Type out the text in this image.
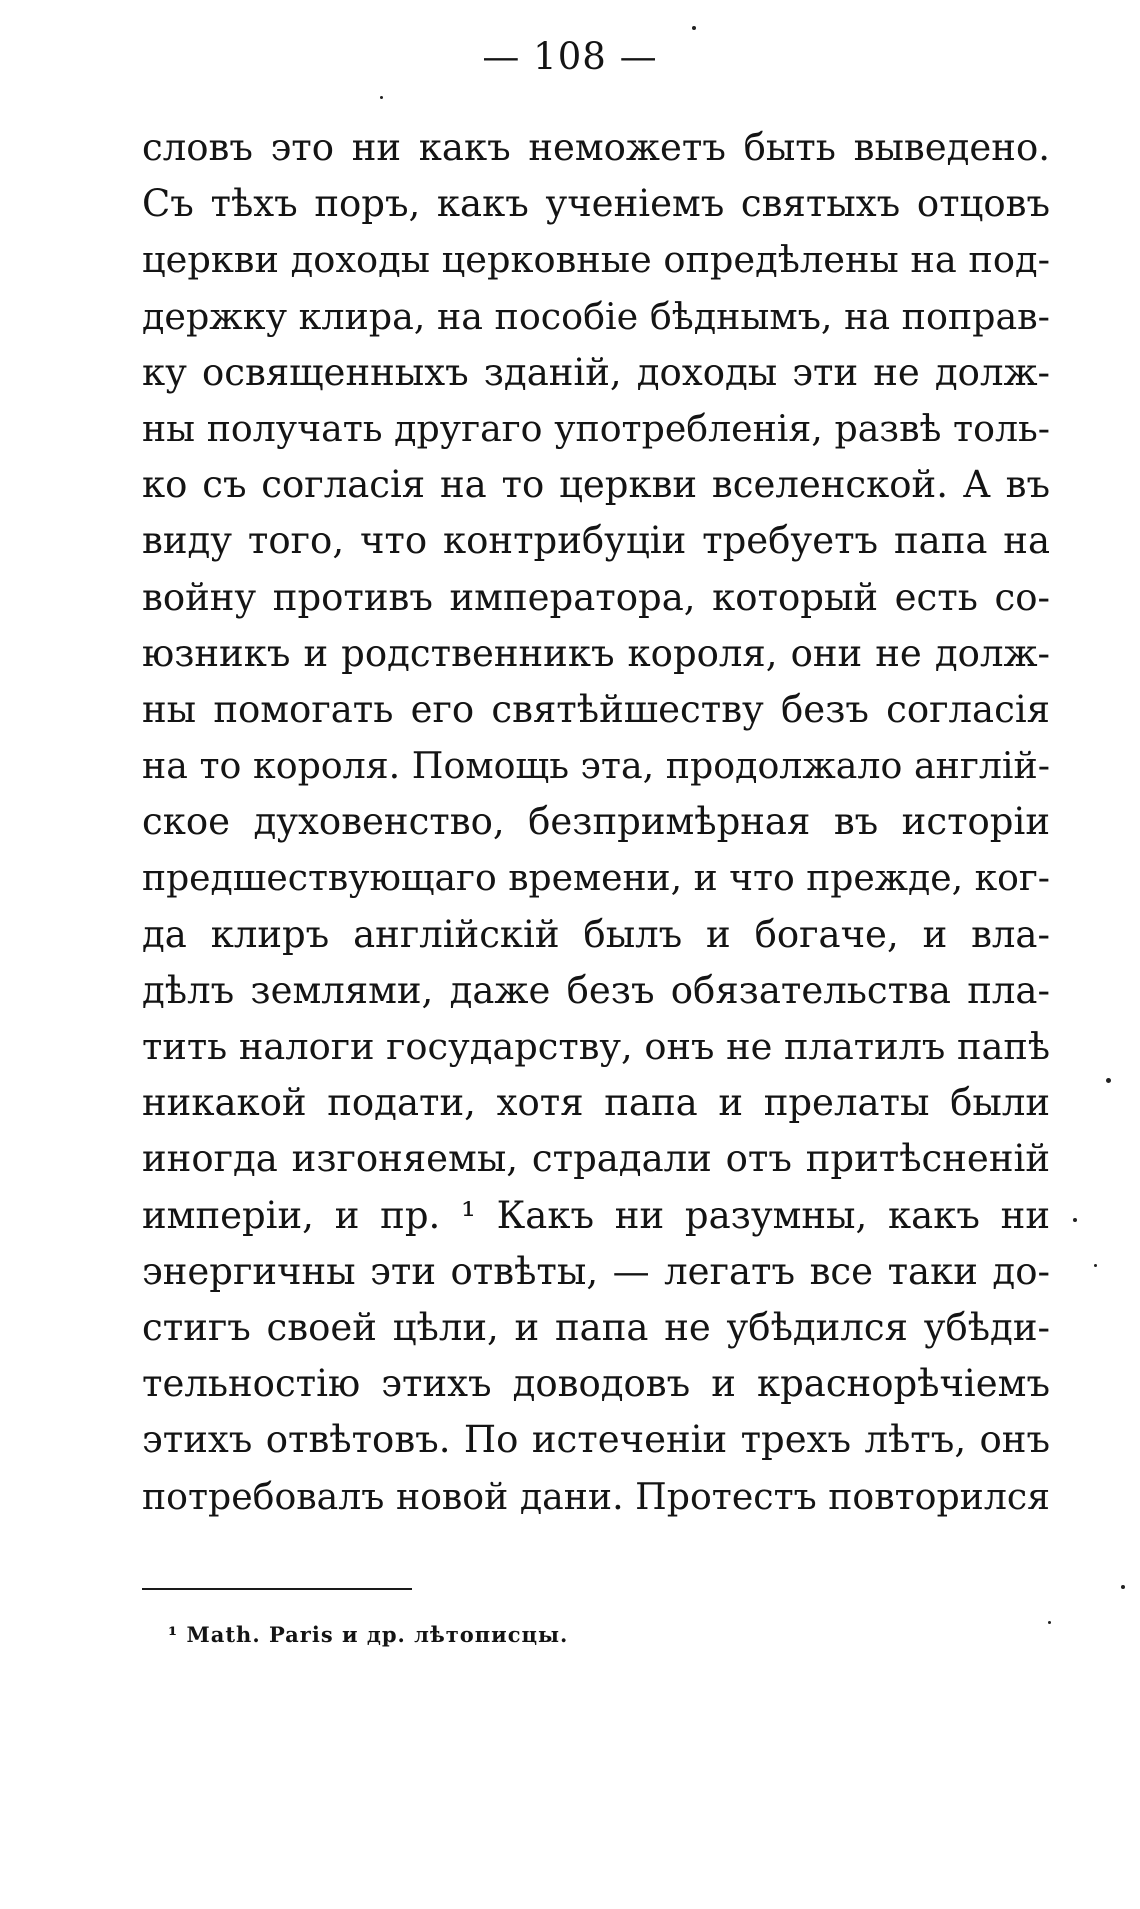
— 108 —
словъ это ни какъ неможетъ быть выведено.
Съ тѣхъ поръ, какъ ученіемъ святыхъ отцовъ
церкви доходы церковные опредѣлены на под-
держку клира, на пособіе бѣднымъ, на поправ-
ку освященныхъ зданій, доходы эти не долж-
ны получать другаго употребленія, развѣ толь-
ко съ согласія на то церкви вселенской. А въ
виду того, что контрибуціи требуетъ папа на
войну противъ императора, который есть со-
юзникъ и родственникъ короля, они не долж-
ны помогать его святѣйшеству безъ согласія
на то короля. Помощь эта, продолжало англій-
ское духовенство, безпримѣрная въ исторіи
предшествующаго времени, и что прежде, ког-
да клиръ англійскій былъ и богаче, и вла-
дѣлъ землями, даже безъ обязательства пла-
тить налоги государству, онъ не платилъ папѣ
никакой подати, хотя папа и прелаты были
иногда изгоняемы, страдали отъ притѣсненій
имперіи, и пр. ¹ Какъ ни разумны, какъ ни
энергичны эти отвѣты, — легатъ все таки до-
стигъ своей цѣли, и папа не убѣдился убѣди-
тельностію этихъ доводовъ и краснорѣчіемъ
этихъ отвѣтовъ. По истеченіи трехъ лѣтъ, онъ
потребовалъ новой дани. Протестъ повторился
¹ Math. Paris и др. лѣтописцы.
